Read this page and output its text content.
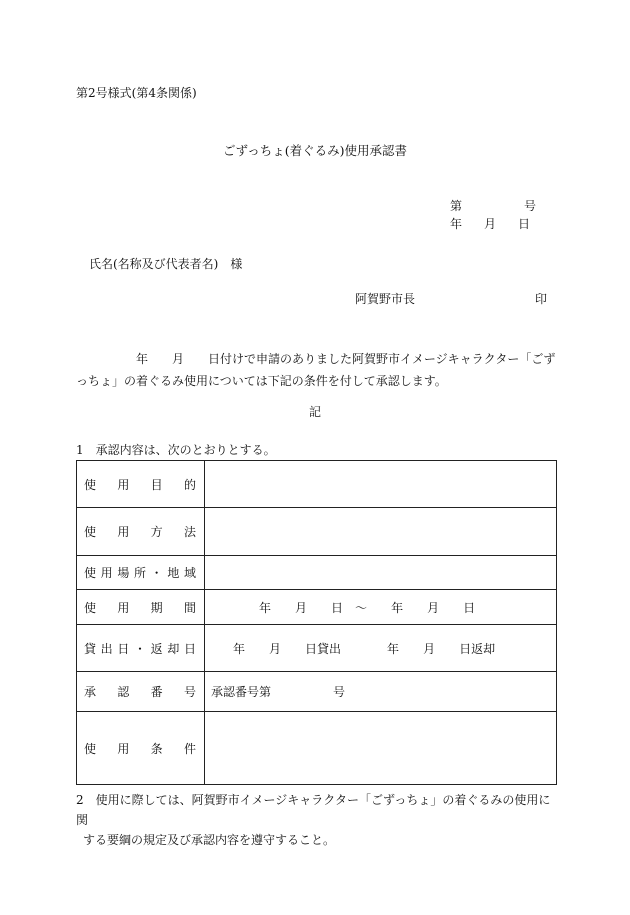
第2号様式(第4条関係)
ごずっちょ(着ぐるみ)使用承認書
第	号
年 月 日
氏名(名称及び代表者名)　様
阿賀野市長	印
年　　月　　日付けで申請のありました阿賀野市イメージキャラクター「ごずっちょ」の着ぐるみ使用については下記の条件を付して承認します。
記
1　承認内容は、次のとおりとする。
使用目的	
使用方法	
使用場所・地域	
使用期間	年 月 日 ～ 年 月 日
貸出日・返却日	年 月 日貸出 年 月 日返却
承認番号	承認番号第 号
使用条件	
2　使用に際しては、阿賀野市イメージキャラクター「ごずっちょ」の着ぐるみの使用に関
する要綱の規定及び承認内容を遵守すること。
